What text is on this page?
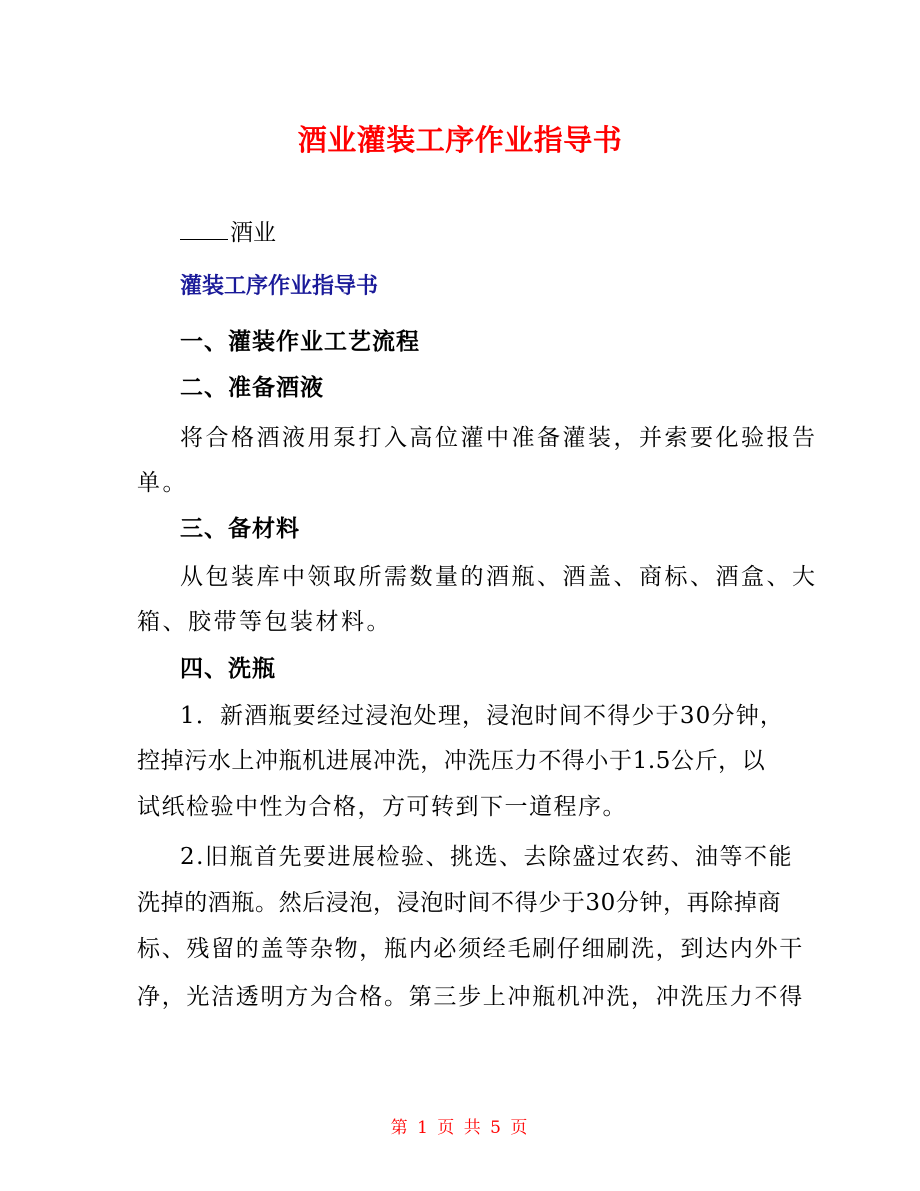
酒业灌装工序作业指导书
酒业
灌装工序作业指导书
一、灌装作业工艺流程
二、准备酒液
将合格酒液用泵打入高位灌中准备灌装，并索要化验报告
单。
三、备材料
从包装库中领取所需数量的酒瓶、酒盖、商标、酒盒、大
箱、胶带等包装材料。
四、洗瓶
1．新酒瓶要经过浸泡处理，浸泡时间不得少于30分钟，
控掉污水上冲瓶机进展冲洗，冲洗压力不得小于1.5公斤，以
试纸检验中性为合格，方可转到下一道程序。
2.旧瓶首先要进展检验、挑选、去除盛过农药、油等不能
洗掉的酒瓶。然后浸泡，浸泡时间不得少于30分钟，再除掉商
标、残留的盖等杂物，瓶内必须经毛刷仔细刷洗，到达内外干
净，光洁透明方为合格。第三步上冲瓶机冲洗，冲洗压力不得
第 1 页 共 5 页
